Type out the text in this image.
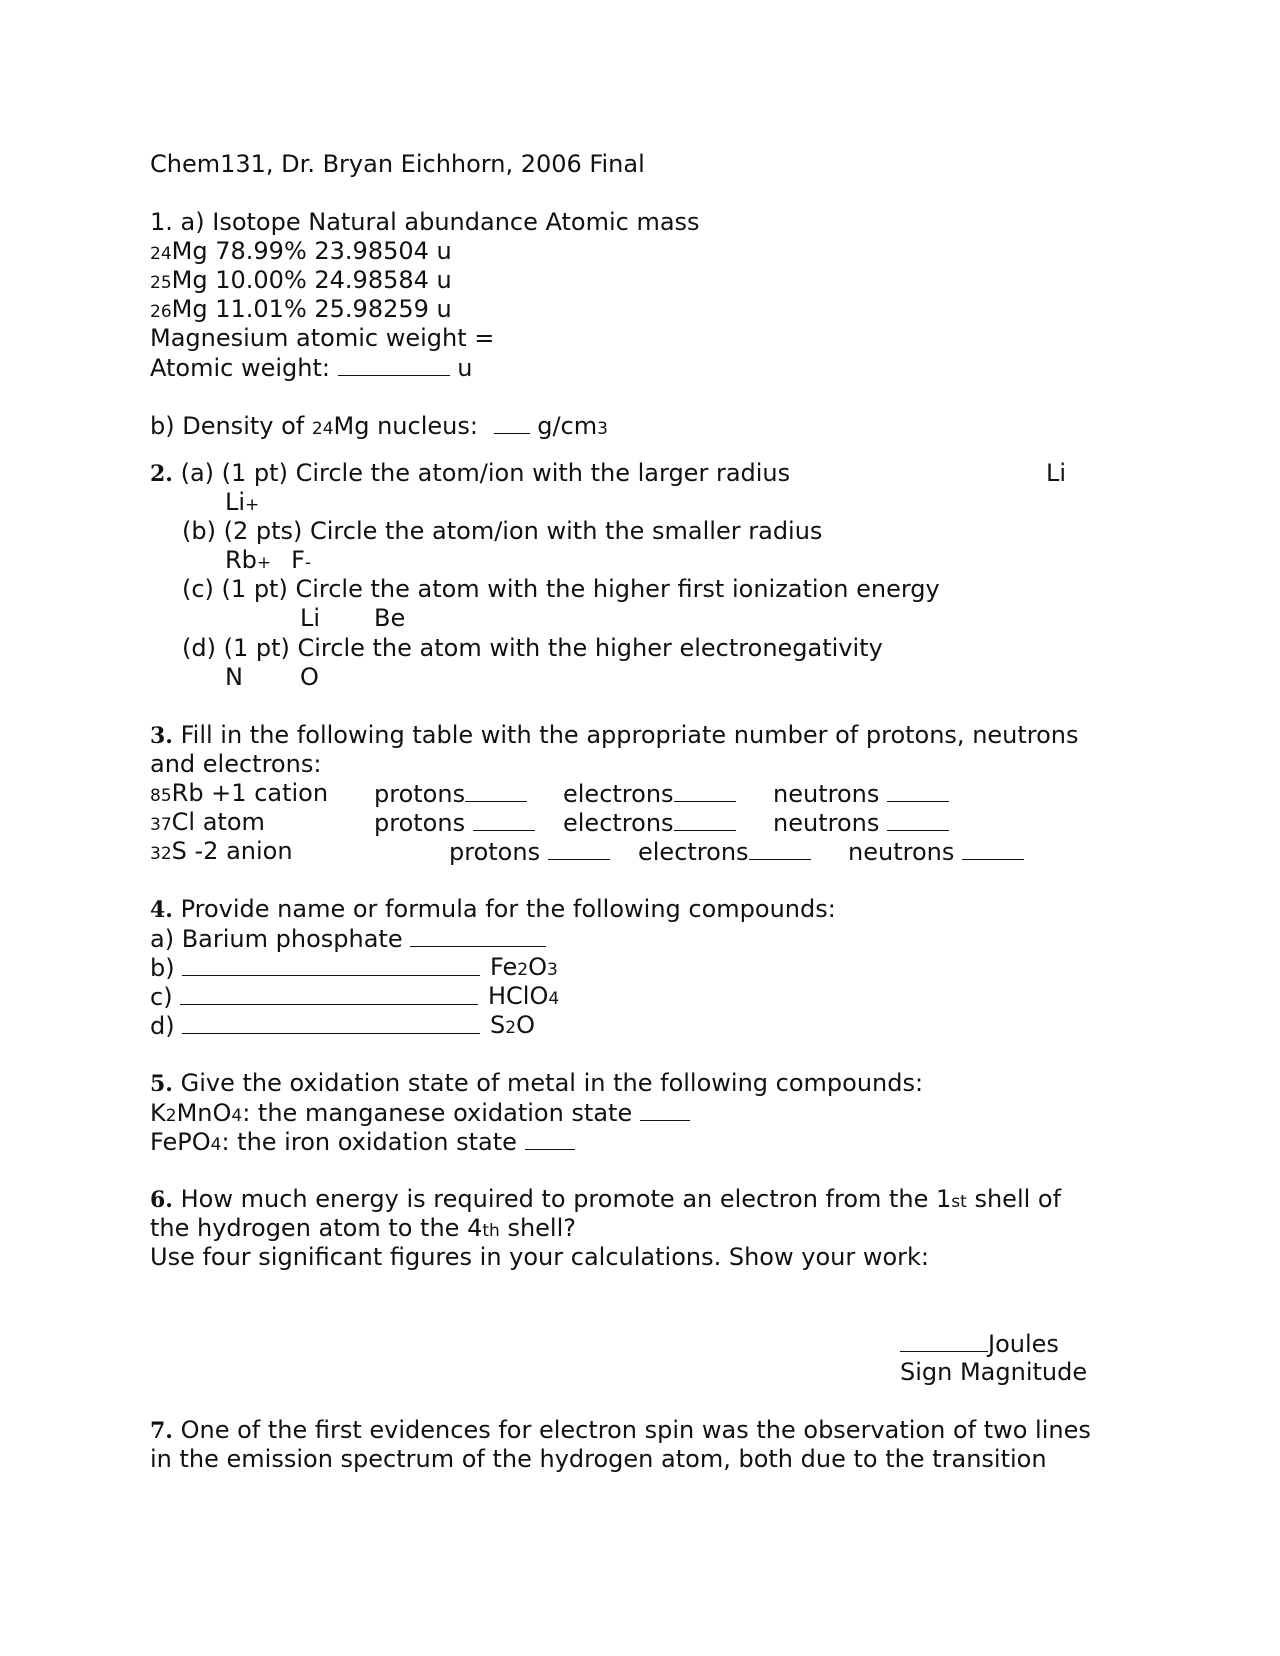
Chem131, Dr. Bryan Eichhorn, 2006 Final
1. a) Isotope Natural abundance Atomic mass
24Mg 78.99% 23.98504 u
25Mg 10.00% 24.98584 u
26Mg 11.01% 25.98259 u
Magnesium atomic weight =
Atomic weight:	u
b) Density of 24Mg nucleus: g/cm3
2. (a) (1 pt) Circle the atom/ion with the larger radius	Li
Li+
(b) (2 pts) Circle the atom/ion with the smaller radius
Rb+ F-
(c) (1 pt) Circle the atom with the higher first ionization energy
Li Be
(d) (1 pt) Circle the atom with the higher electronegativity
N O
3. Fill in the following table with the appropriate number of protons, neutrons
and electrons:
85Rb +1 cation protons	electrons	neutrons
37Cl atom	protons	electrons	neutrons
32S -2 anion	protons	electrons	neutrons
4. Provide name or formula for the following compounds:
a) Barium phosphate
b)	Fe2O3
c)	HClO4
d)	S2O
5. Give the oxidation state of metal in the following compounds:
K2MnO4: the manganese oxidation state
FePO4: the iron oxidation state
6. How much energy is required to promote an electron from the 1st shell of
the hydrogen atom to the 4th shell?
Use four significant figures in your calculations. Show your work:
Joules
Sign Magnitude
7. One of the first evidences for electron spin was the observation of two lines
in the emission spectrum of the hydrogen atom, both due to the transition
